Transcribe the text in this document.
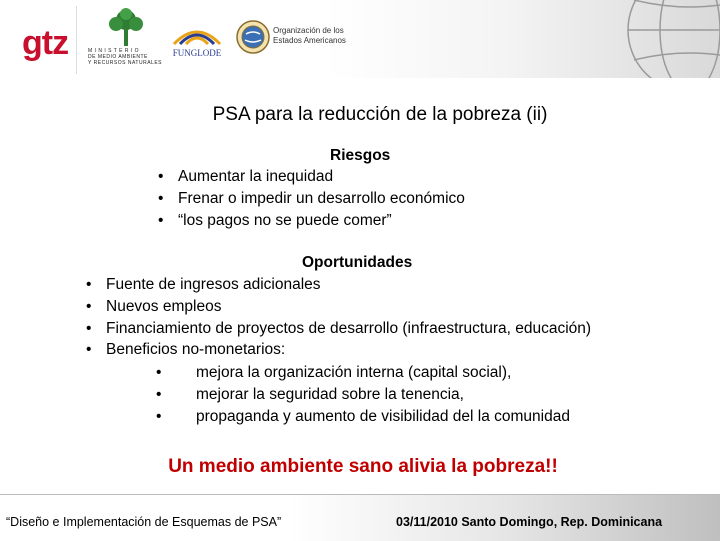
gtz	M I N I S T E R I O
DE MEDIO AMBIENTE
Y RECURSOS NATURALES
FUNGLODE
Organización de los
Estados Americanos
PSA para la reducción de la pobreza (ii)
Riesgos
• Aumentar la inequidad
• Frenar o impedir un desarrollo económico
• “los pagos no se puede comer”
Oportunidades
• Fuente de ingresos adicionales
• Nuevos empleos
• Financiamiento de proyectos de desarrollo (infraestructura, educación)
• Beneficios no-monetarios:
•	mejora la organización interna (capital social),
•	mejorar la seguridad sobre la tenencia,
•	propaganda y aumento de visibilidad del la comunidad
Un medio ambiente sano alivia la pobreza!!
“Diseño e Implementación de Esquemas de PSA”	03/11/2010 Santo Domingo, Rep. Dominicana
